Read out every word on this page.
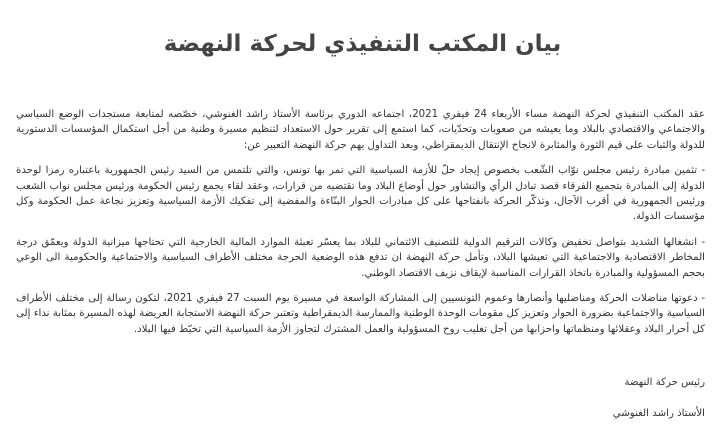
بيان المكتب التنفيذي لحركة النهضة

عقد المكتب التنفيذي لحركة النهضة مساء الأربعاء 24 فيفري 2021، اجتماعه الدوري برئاسة الأستاذ راشد الغنوشي، خصّصه لمتابعة مستجدات الوضع السياسي والاجتماعي والاقتصادي بالبلاد وما يعيشه من صعوبات وتحدّيات، كما استمع إلى تقرير حول الاستعداد لتنظيم مسيرة وطنية من أجل استكمال المؤسسات الدستورية للدولة والثبات على قيم الثورة والمثابرة لانجاح الإنتقال الديمقراطي، وبعد التداول يهم حركة النهضة التعبير عن:

- تثمين مبادرة رئيس مجلس نوّاب الشّعب بخصوص إيجاد حلّ للأزمة السياسية التي تمر بها تونس، والتي تلتمس من السيد رئيس الجمهورية باعتباره رمزا لوحدة الدولة إلى المبادرة بتجميع الفرقاء قصد تبادل الرأي والتشاور حول أوضاع البلاد وما تقتضيه من قرارات، وعقد لقاء يجمع رئيس الحكومة ورئيس مجلس نواب الشعب ورئيس الجمهورية في أقرب الآجال، وتذكّر الحركة بانفتاحها على كل مبادرات الحوار البنّاءة والمفضية إلى تفكيك الأزمة السياسية وتعزيز نجاعة عمل الحكومة وكل مؤسسات الدولة.

- انشغالها الشديد بتواصل تخفيض وكالات الترقيم الدولية للتصنيف الائتماني للبلاد بما يعسّر تعبئة الموارد المالية الخارجية التي تحتاجها ميزانية الدولة ويعمّق درجة المخاطر الاقتصادية والاجتماعية التي تعيشها البلاد، وتأمل حركة النهضة ان تدفع هذه الوضعية الحرجة مختلف الأطراف السياسية والاجتماعية والحكومية الى الوعي بحجم المسؤولية والمبادرة باتخاذ القرارات المناسبة لإيقاف نزيف الاقتصاد الوطني.

- دعوتها مناضلات الحركة ومناضليها وأنصارها وعموم التونسيين إلى المشاركة الواسعة في مسيرة يوم السبت 27 فيفري 2021، لتكون رسالة إلى مختلف الأطراف السياسية والاجتماعية بضرورة الحوار وتعزيز كل مقومات الوحدة الوطنية والممارسة الديمقراطية وتعتبر حركة النهضة الاستجابة العريضة لهذه المسيرة بمثابة نداء إلى كل أحرار البلاد وعقلائها ومنظماتها واحزابها من أجل تغليب روح المسؤولية والعمل المشترك لتجاوز الأزمة السياسية التي تخيّط فيها البلاد.

رئيس حركة النهضة

الأستاذ راشد الغنوشي
